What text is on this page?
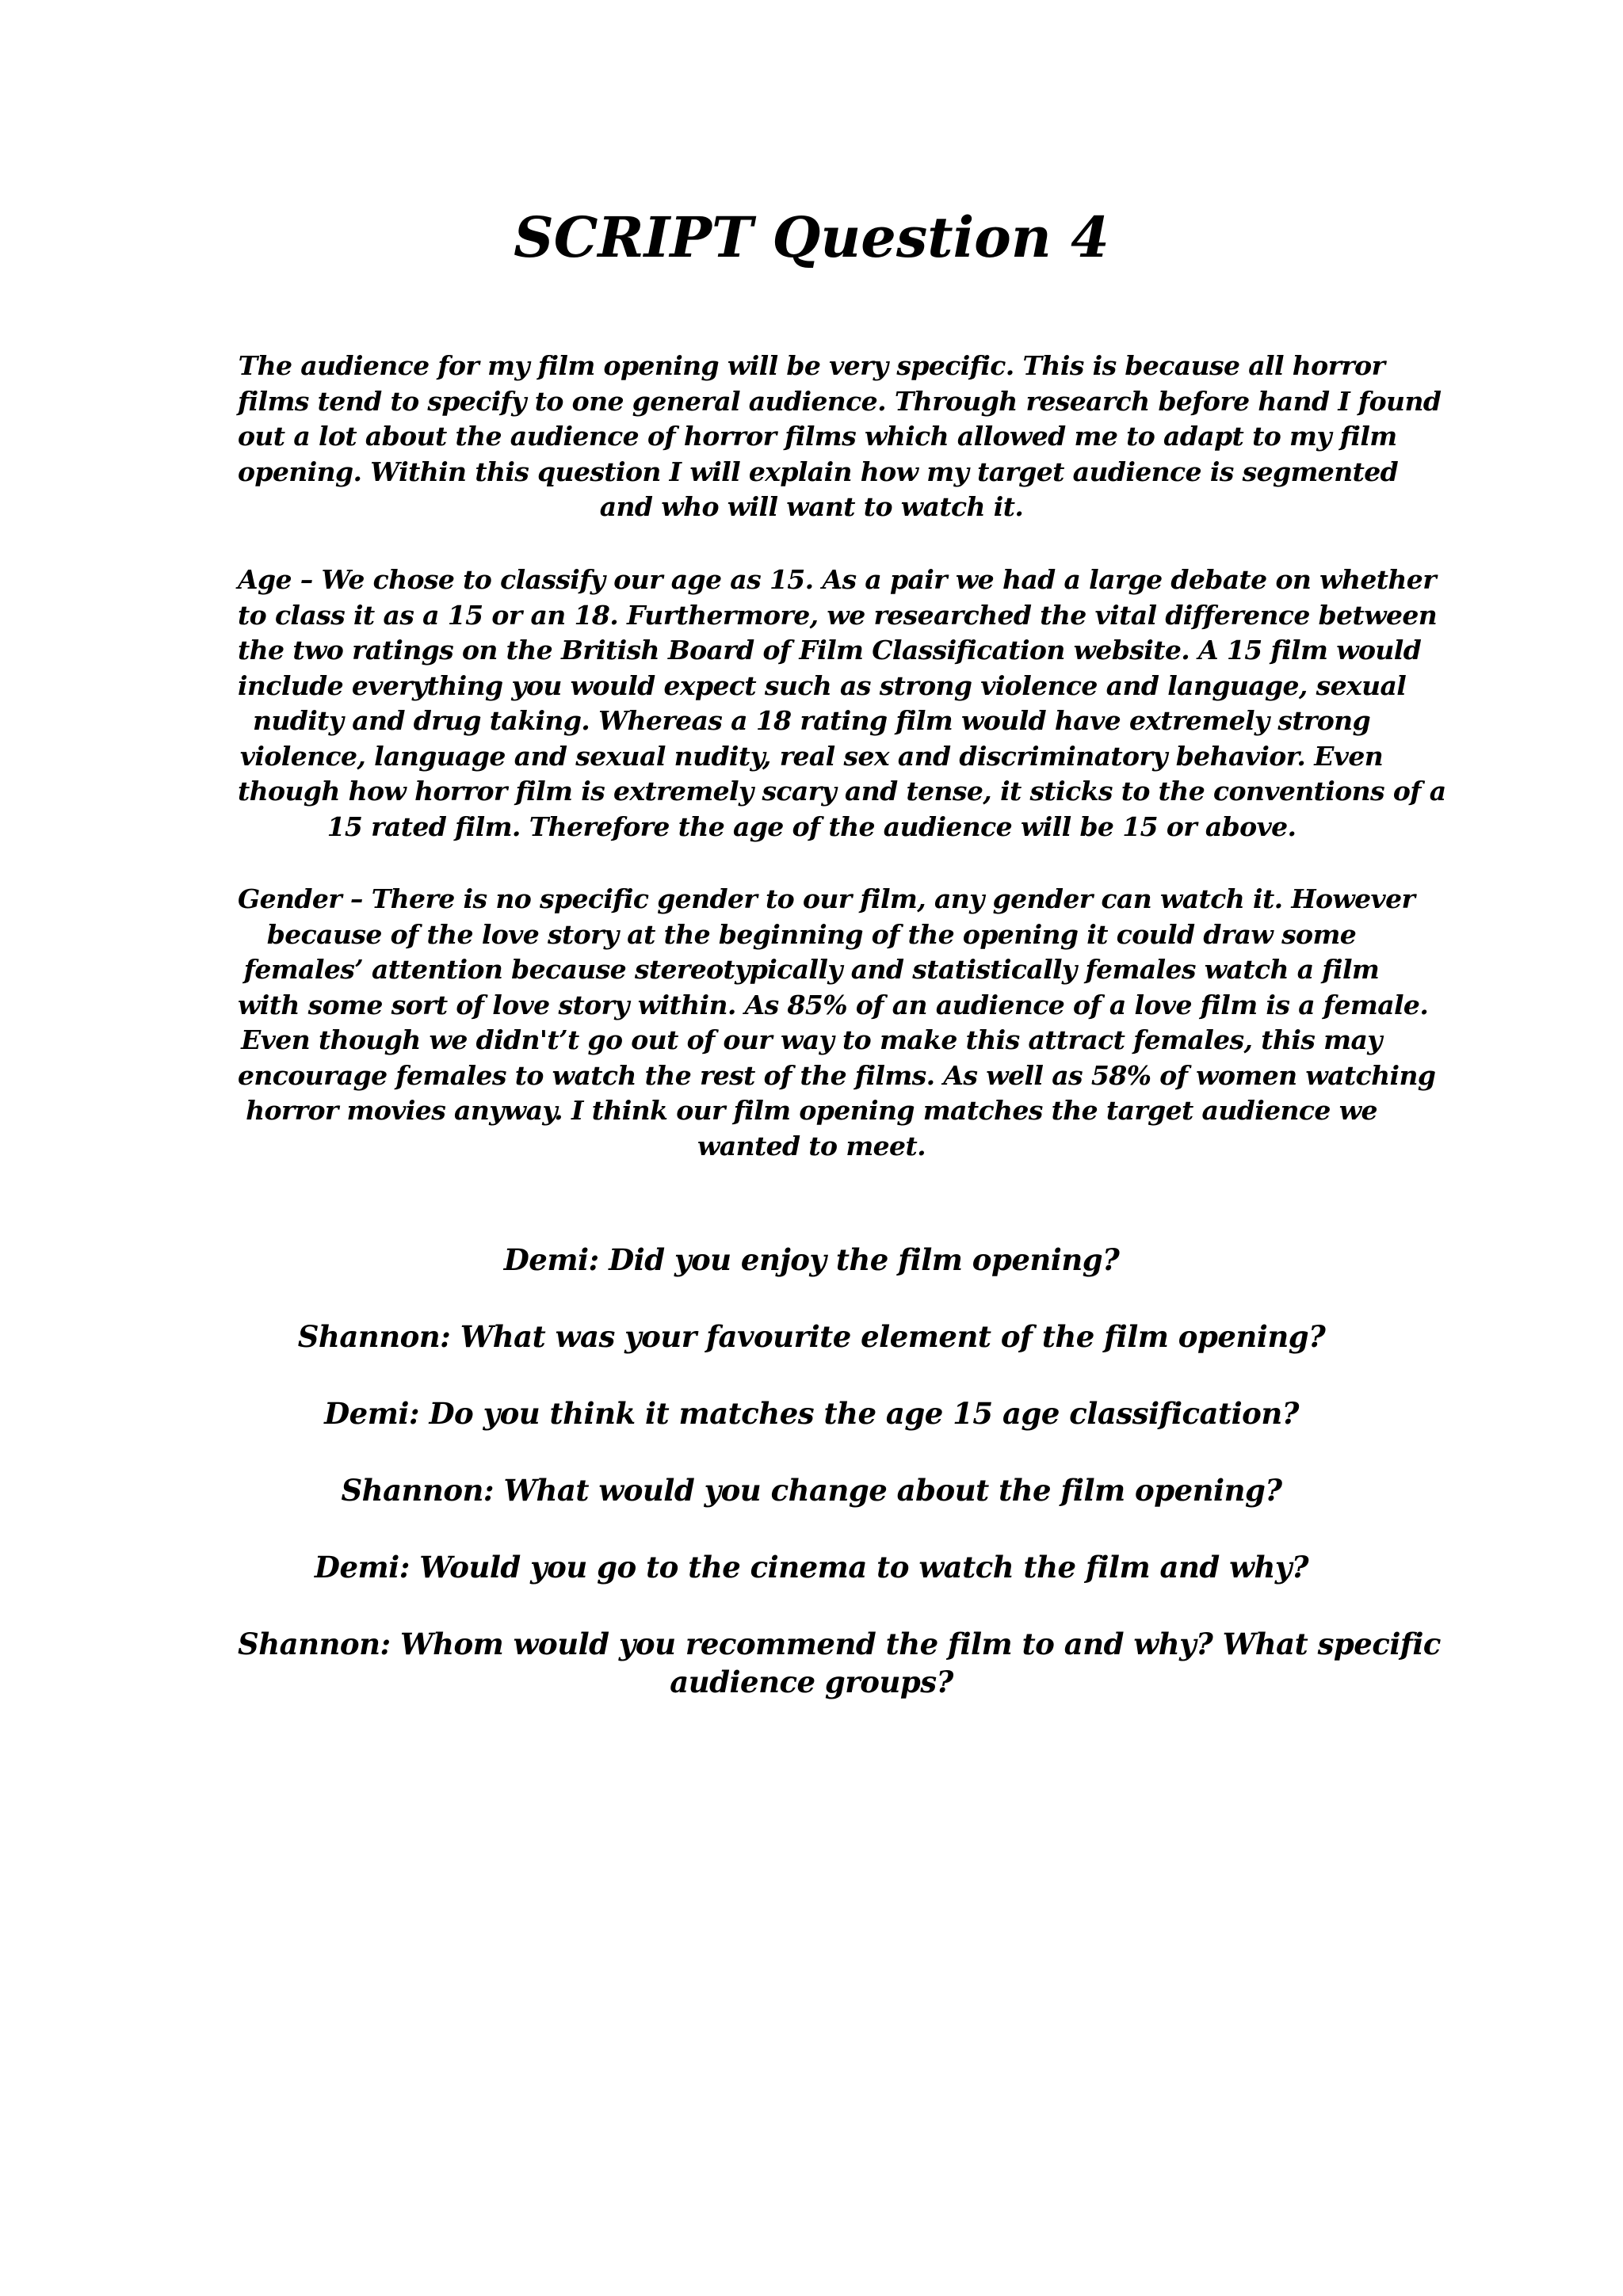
SCRIPT Question 4

The audience for my film opening will be very specific. This is because all horror
films tend to specify to one general audience. Through research before hand I found
out a lot about the audience of horror films which allowed me to adapt to my film
opening. Within this question I will explain how my target audience is segmented
and who will want to watch it.

Age – We chose to classify our age as 15. As a pair we had a large debate on whether
to class it as a 15 or an 18. Furthermore, we researched the vital difference between
the two ratings on the British Board of Film Classification website. A 15 film would
include everything you would expect such as strong violence and language, sexual
nudity and drug taking. Whereas a 18 rating film would have extremely strong
violence, language and sexual nudity, real sex and discriminatory behavior. Even
though how horror film is extremely scary and tense, it sticks to the conventions of a
15 rated film. Therefore the age of the audience will be 15 or above.

Gender – There is no specific gender to our film, any gender can watch it. However
because of the love story at the beginning of the opening it could draw some
females’ attention because stereotypically and statistically females watch a film
with some sort of love story within. As 85% of an audience of a love film is a female.
Even though we didn't’t go out of our way to make this attract females, this may
encourage females to watch the rest of the films. As well as 58% of women watching
horror movies anyway. I think our film opening matches the target audience we
wanted to meet.

Demi: Did you enjoy the film opening?

Shannon: What was your favourite element of the film opening?

Demi: Do you think it matches the age 15 age classification?

Shannon: What would you change about the film opening?

Demi: Would you go to the cinema to watch the film and why?

Shannon: Whom would you recommend the film to and why? What specific
audience groups?
